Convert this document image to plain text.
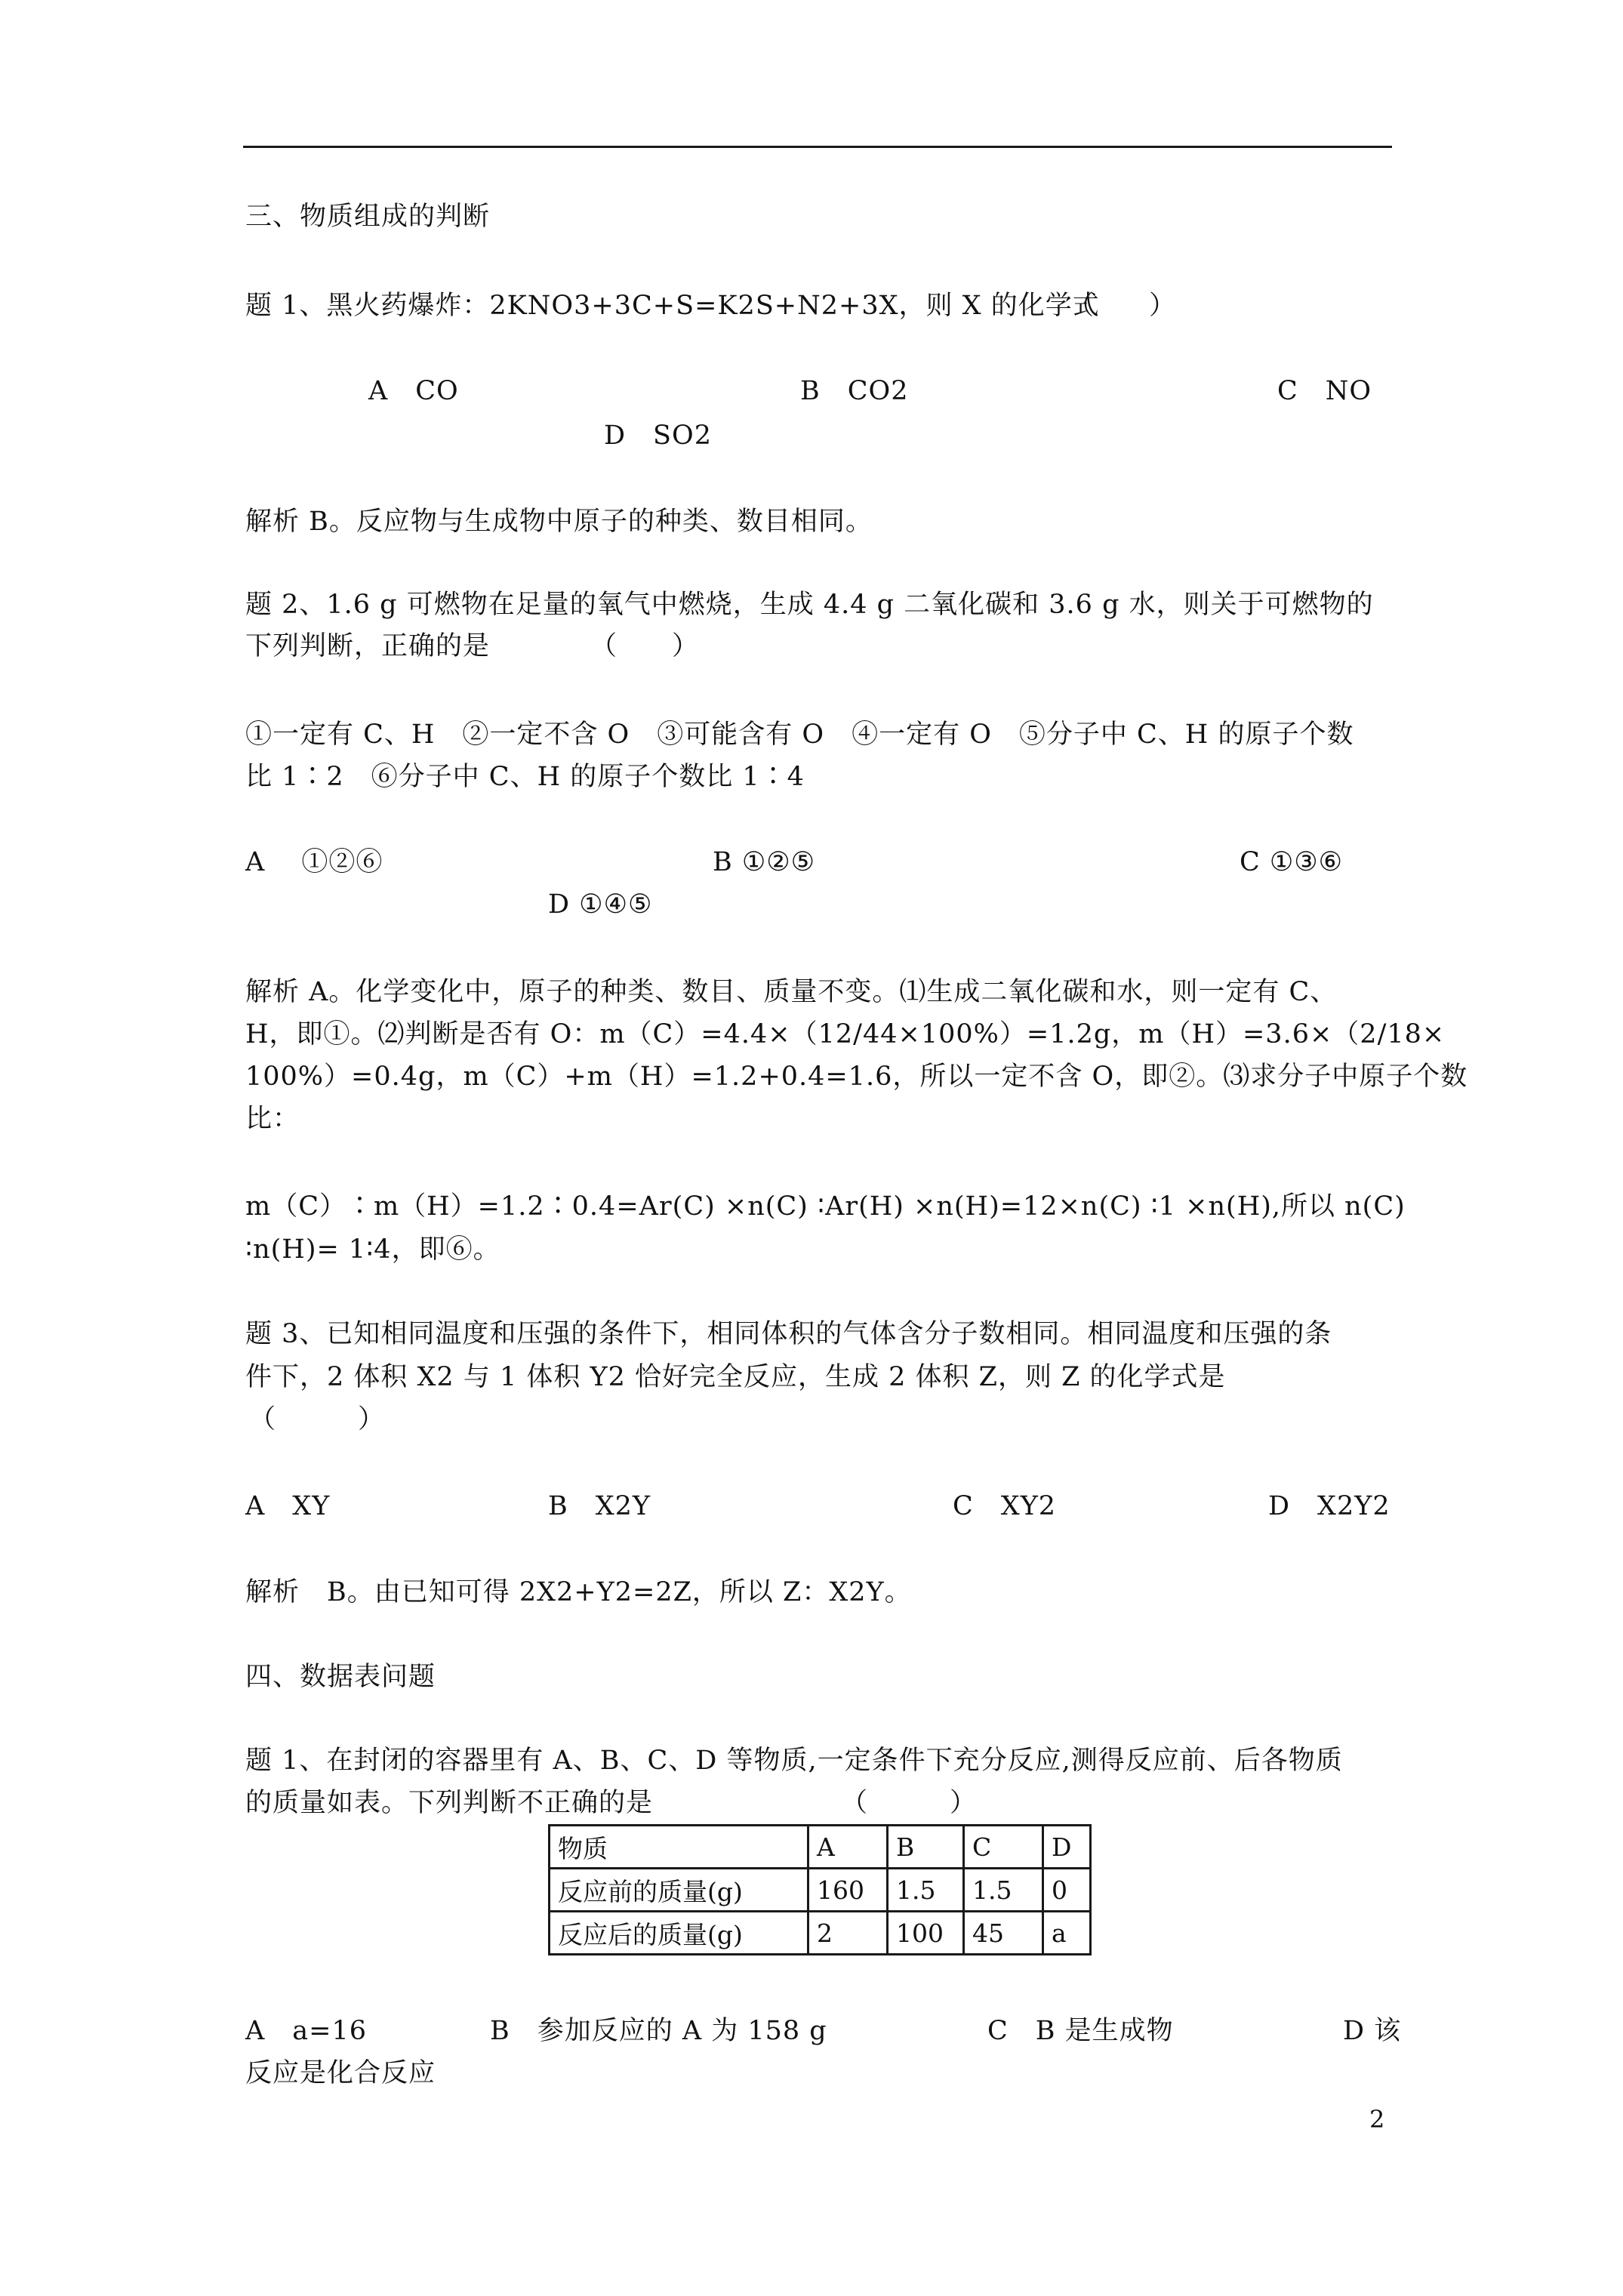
三、物质组成的判断
题 1、黑火药爆炸：2KNO3+3C+S=K2S+N2+3X，则 X 的化学式
（　　）
A　CO	B　CO2	C　NO
D　SO2
解析 B。反应物与生成物中原子的种类、数目相同。
题 2、1.6 g 可燃物在足量的氧气中燃烧，生成 4.4 g 二氧化碳和 3.6 g 水，则关于可燃物的
下列判断，正确的是	（　　）
①一定有 C、H　②一定不含 O　③可能含有 O　④一定有 O　⑤分子中 C、H 的原子个数
比 1∶2　⑥分子中 C、H 的原子个数比 1∶4
A　 ①②⑥	B ①②⑤	C ①③⑥
D ①④⑤
解析 A。化学变化中，原子的种类、数目、质量不变。⑴生成二氧化碳和水，则一定有 C、
H，即①。⑵判断是否有 O：m（C）=4.4×（12/44×100%）=1.2g，m（H）=3.6×（2/18×
100%）=0.4g，m（C）+m（H）=1.2+0.4=1.6，所以一定不含 O，即②。⑶求分子中原子个数
比：
m（C）∶m（H）=1.2∶0.4=Ar(C) ×n(C) ∶Ar(H) ×n(H)=12×n(C) ∶1 ×n(H),所以 n(C)
∶n(H)= 1∶4，即⑥。
题 3、已知相同温度和压强的条件下，相同体积的气体含分子数相同。相同温度和压强的条
件下，2 体积 X2 与 1 体积 Y2 恰好完全反应，生成 2 体积 Z，则 Z 的化学式是
（　　　）
A　XY	B　X2Y	C　XY2	D　X2Y2
解析　B。由已知可得 2X2+Y2=2Z，所以 Z：X2Y。
四、数据表问题
题 1、在封闭的容器里有 A、B、C、D 等物质,一定条件下充分反应,测得反应前、后各物质
的质量如表。下列判断不正确的是	（　　　）
物质	A	B	C	D
反应前的质量(g)	160	1.5	1.5	0
反应后的质量(g)	2	100	45	a
A　a=16	B　参加反应的 A 为 158 g	C　B 是生成物	D 该
反应是化合反应
2
